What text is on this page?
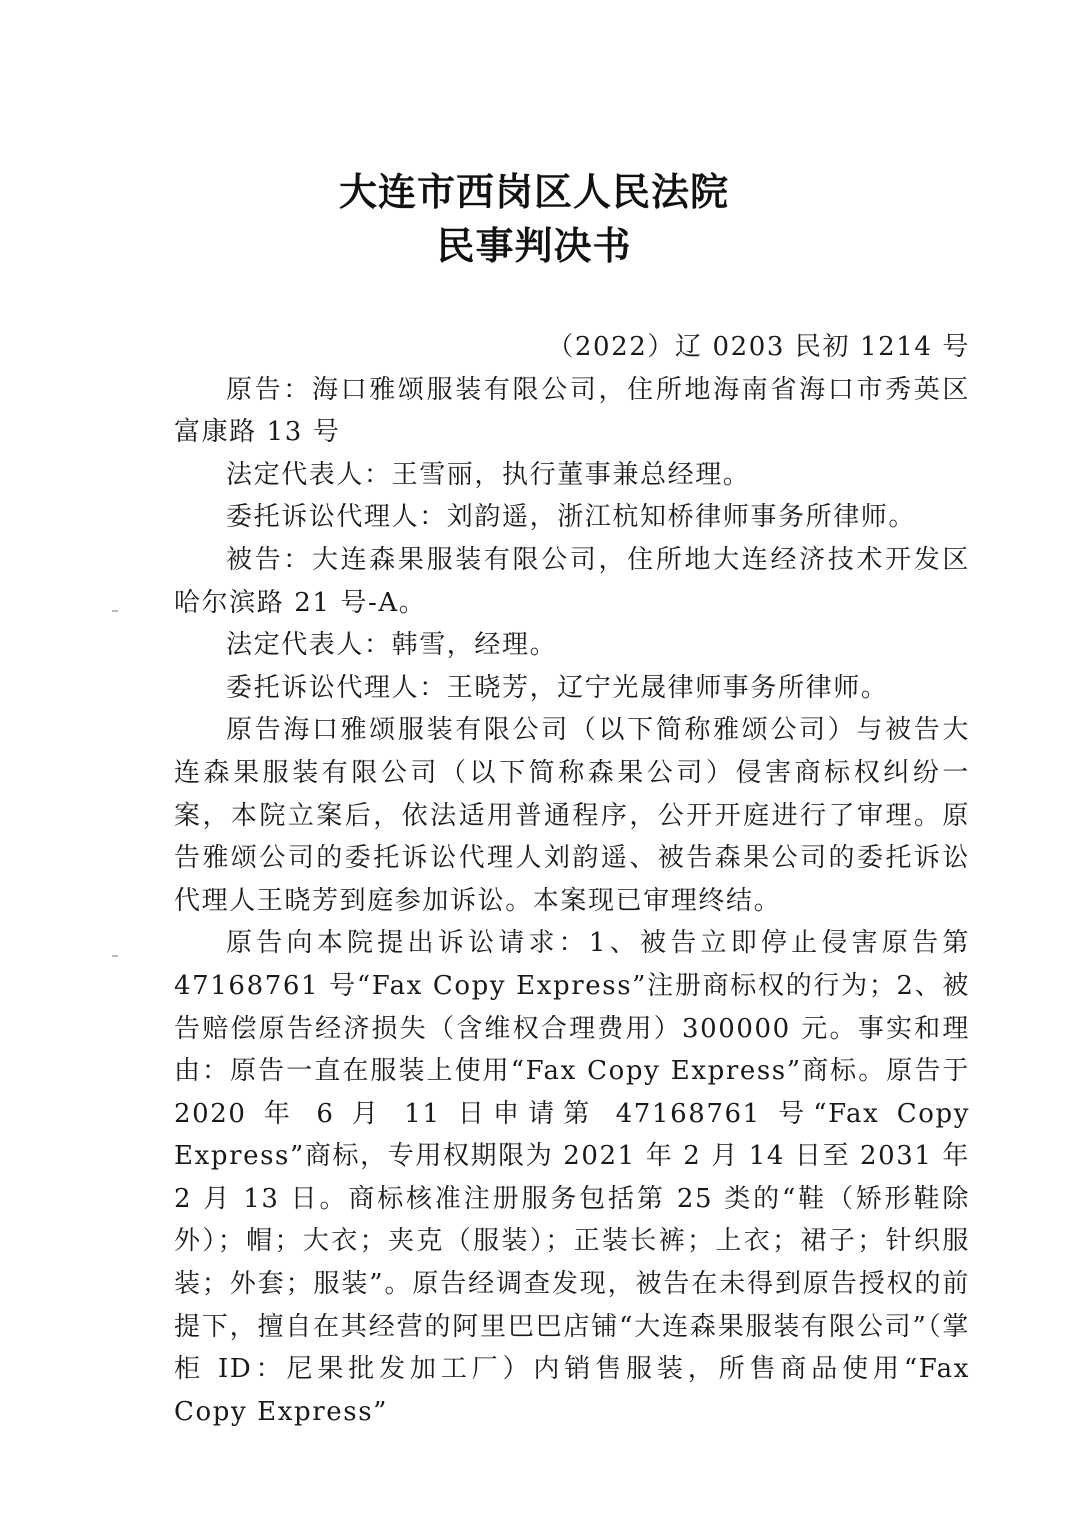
大连市西岗区人民法院
民事判决书

（2022）辽 0203 民初 1214 号

原告：海口雅颂服装有限公司，住所地海南省海口市秀英区富康路 13 号

法定代表人：王雪丽，执行董事兼总经理。

委托诉讼代理人：刘韵遥，浙江杭知桥律师事务所律师。

被告：大连森果服装有限公司，住所地大连经济技术开发区哈尔滨路 21 号-A。

法定代表人：韩雪，经理。

委托诉讼代理人：王晓芳，辽宁光晟律师事务所律师。

原告海口雅颂服装有限公司（以下简称雅颂公司）与被告大连森果服装有限公司（以下简称森果公司）侵害商标权纠纷一案，本院立案后，依法适用普通程序，公开开庭进行了审理。原告雅颂公司的委托诉讼代理人刘韵遥、被告森果公司的委托诉讼代理人王晓芳到庭参加诉讼。本案现已审理终结。

原告向本院提出诉讼请求：1、被告立即停止侵害原告第 47168761 号“Fax Copy Express”注册商标权的行为；2、被告赔偿原告经济损失（含维权合理费用）300000 元。事实和理由：原告一直在服装上使用“Fax Copy Express”商标。原告于 2020 年 6 月 11 日申请第 47168761 号“Fax Copy Express”商标，专用权期限为 2021 年 2 月 14 日至 2031 年 2 月 13 日。商标核准注册服务包括第 25 类的“鞋（矫形鞋除外）；帽；大衣；夹克（服装）；正装长裤；上衣；裙子；针织服装；外套；服装”。原告经调查发现，被告在未得到原告授权的前提下，擅自在其经营的阿里巴巴店铺“大连森果服装有限公司”（掌柜 ID：尼果批发加工厂）内销售服装，所售商品使用“Fax Copy Express”
